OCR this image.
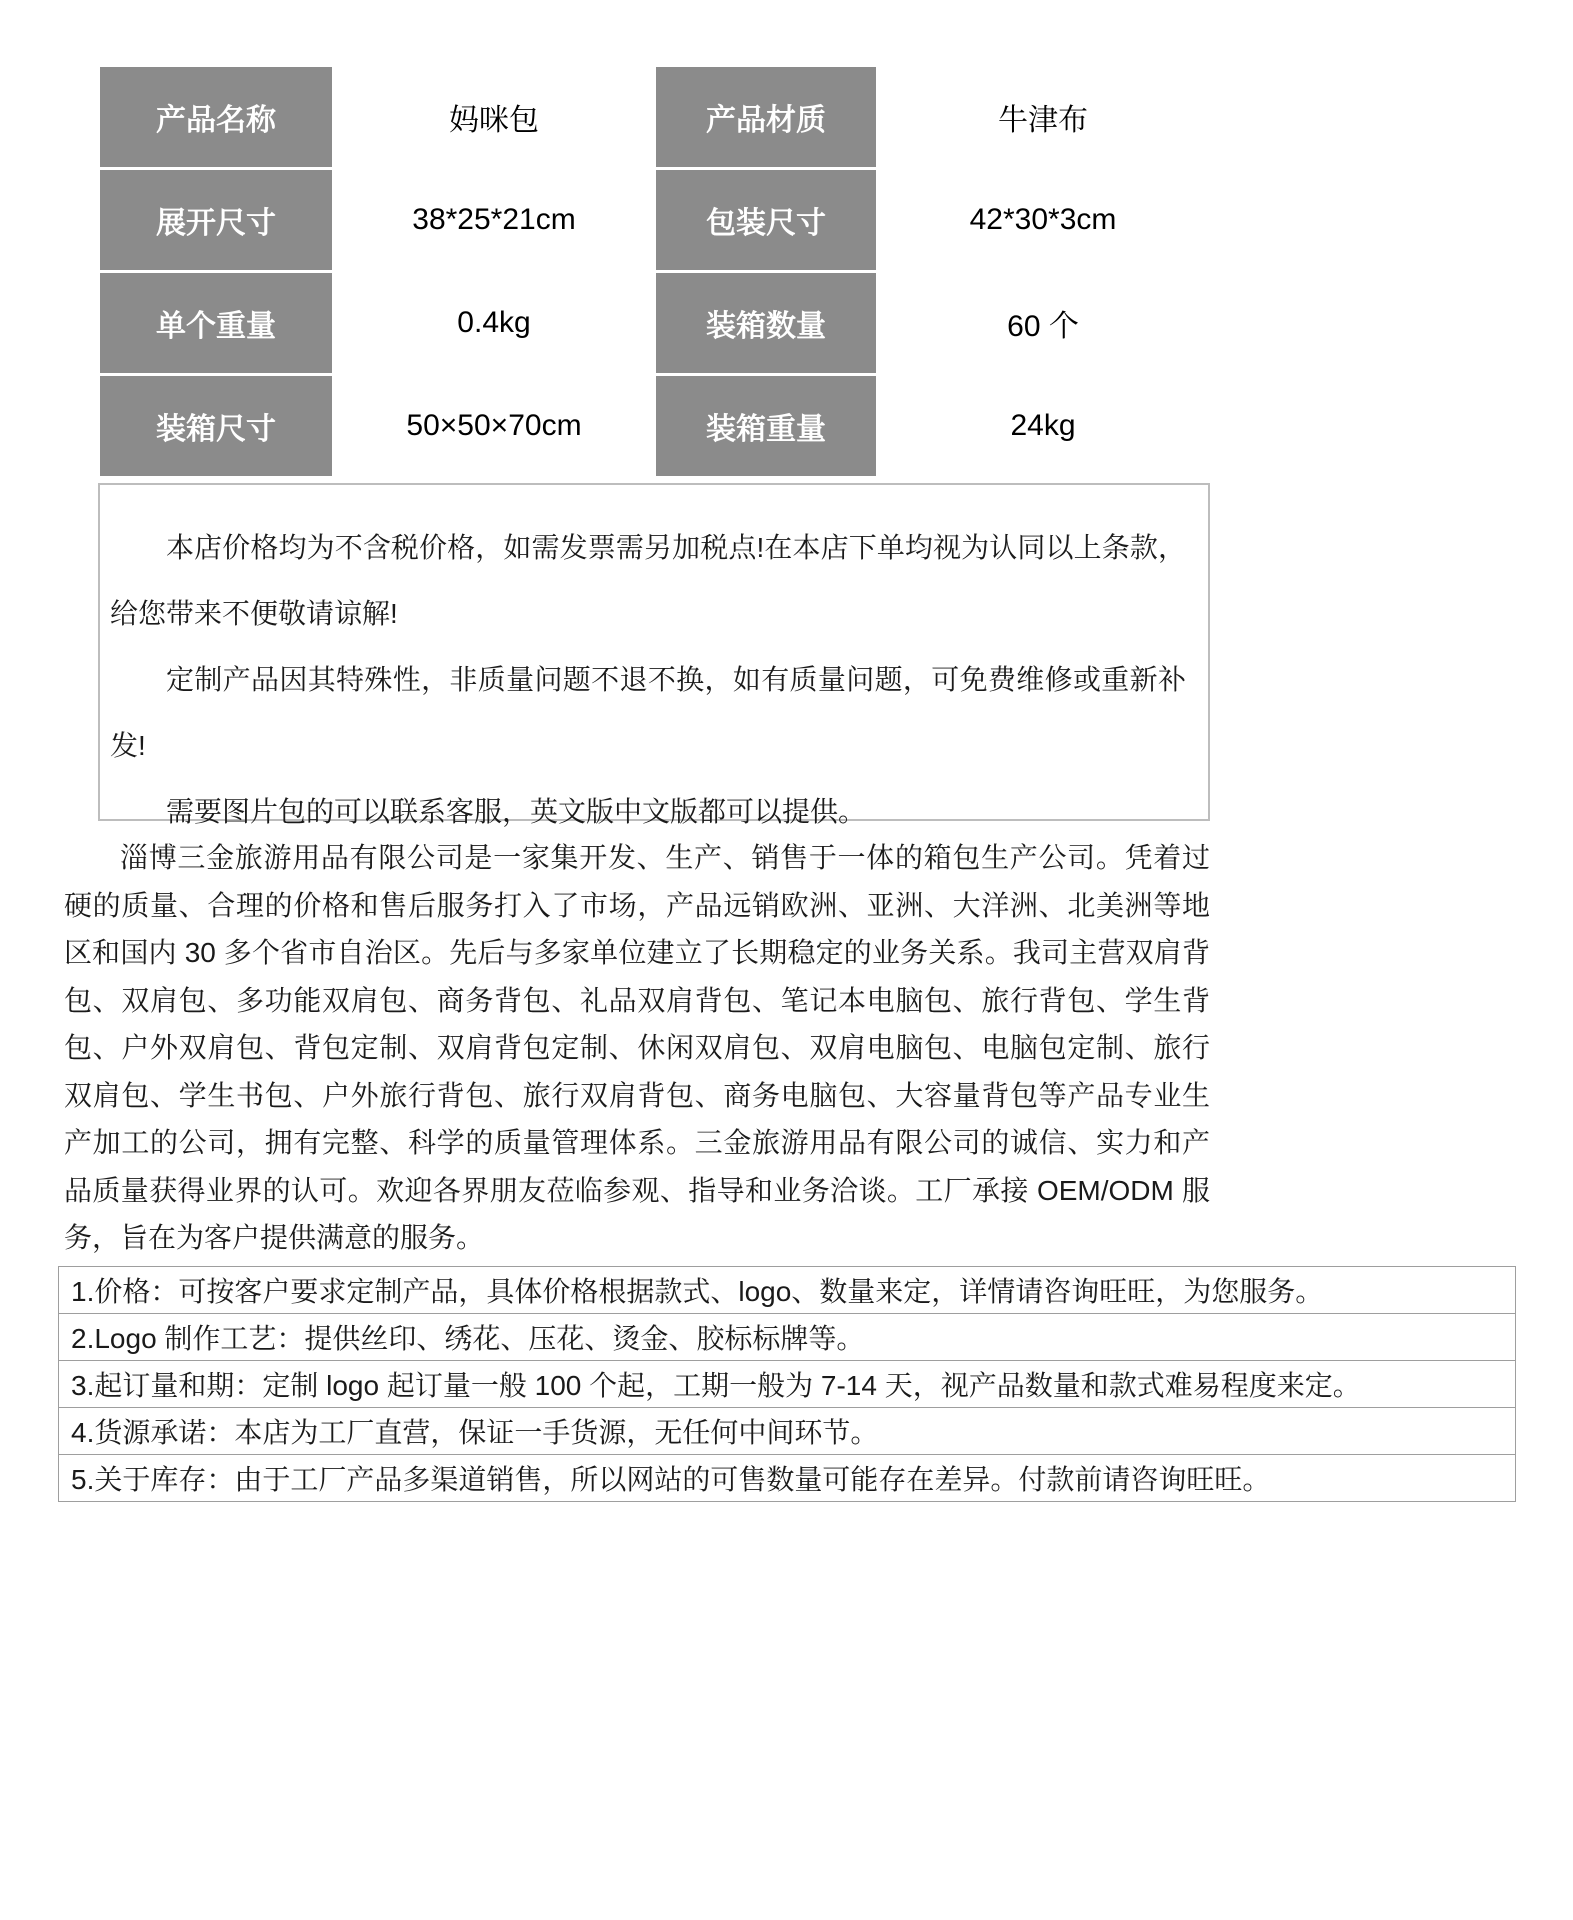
产品名称	妈咪包	产品材质	牛津布
展开尺寸	38*25*21cm	包装尺寸	42*30*3cm
单个重量	0.4kg	装箱数量	60 个
装箱尺寸	50×50×70cm	装箱重量	24kg

本店价格均为不含税价格，如需发票需另加税点!在本店下单均视为认同以上条款，给您带来不便敬请谅解!

定制产品因其特殊性，非质量问题不退不换，如有质量问题，可免费维修或重新补发!

需要图片包的可以联系客服，英文版中文版都可以提供。

淄博三金旅游用品有限公司是一家集开发、生产、销售于一体的箱包生产公司。凭着过硬的质量、合理的价格和售后服务打入了市场，产品远销欧洲、亚洲、大洋洲、北美洲等地区和国内 30 多个省市自治区。先后与多家单位建立了长期稳定的业务关系。我司主营双肩背包、双肩包、多功能双肩包、商务背包、礼品双肩背包、笔记本电脑包、旅行背包、学生背包、户外双肩包、背包定制、双肩背包定制、休闲双肩包、双肩电脑包、电脑包定制、旅行双肩包、学生书包、户外旅行背包、旅行双肩背包、商务电脑包、大容量背包等产品专业生产加工的公司，拥有完整、科学的质量管理体系。三金旅游用品有限公司的诚信、实力和产品质量获得业界的认可。欢迎各界朋友莅临参观、指导和业务洽谈。工厂承接 OEM/ODM 服务，旨在为客户提供满意的服务。
1.价格：可按客户要求定制产品，具体价格根据款式、logo、数量来定，详情请咨询旺旺，为您服务。
2.Logo 制作工艺：提供丝印、绣花、压花、烫金、胶标标牌等。
3.起订量和期：定制 logo 起订量一般 100 个起，工期一般为 7-14 天，视产品数量和款式难易程度来定。
4.货源承诺：本店为工厂直营，保证一手货源，无任何中间环节。
5.关于库存：由于工厂产品多渠道销售，所以网站的可售数量可能存在差异。付款前请咨询旺旺。
